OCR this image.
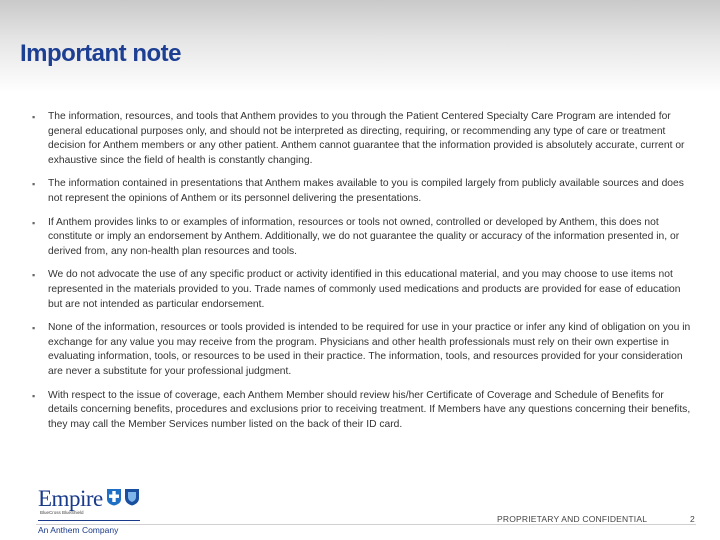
Important note
▪ The information, resources, and tools that Anthem provides to you through the Patient Centered Specialty Care Program are intended for general educational purposes only, and should not be interpreted as directing, requiring, or recommending any type of care or treatment decision for Anthem members or any other patient. Anthem cannot guarantee that the information provided is absolutely accurate, current or exhaustive since the field of health is constantly changing.
▪ The information contained in presentations that Anthem makes available to you is compiled largely from publicly available sources and does not represent the opinions of Anthem or its personnel delivering the presentations.
▪ If Anthem provides links to or examples of information, resources or tools not owned, controlled or developed by Anthem, this does not constitute or imply an endorsement by Anthem. Additionally, we do not guarantee the quality or accuracy of the information presented in, or derived from, any non-health plan resources and tools.
▪ We do not advocate the use of any specific product or activity identified in this educational material, and you may choose to use items not represented in the materials provided to you. Trade names of commonly used medications and products are provided for ease of education but are not intended as particular endorsement.
▪ None of the information, resources or tools provided is intended to be required for use in your practice or infer any kind of obligation on you in exchange for any value you may receive from the program. Physicians and other health professionals must rely on their own expertise in evaluating information, tools, or resources to be used in their practice. The information, tools, and resources provided for your consideration are never a substitute for your professional judgment.
▪ With respect to the issue of coverage, each Anthem Member should review his/her Certificate of Coverage and Schedule of Benefits for details concerning benefits, procedures and exclusions prior to receiving treatment. If Members have any questions concerning their benefits, they may call the Member Services number listed on the back of their ID card.
Empire
BlueCross BlueShield
An Anthem Company
PROPRIETARY AND CONFIDENTIAL	2
